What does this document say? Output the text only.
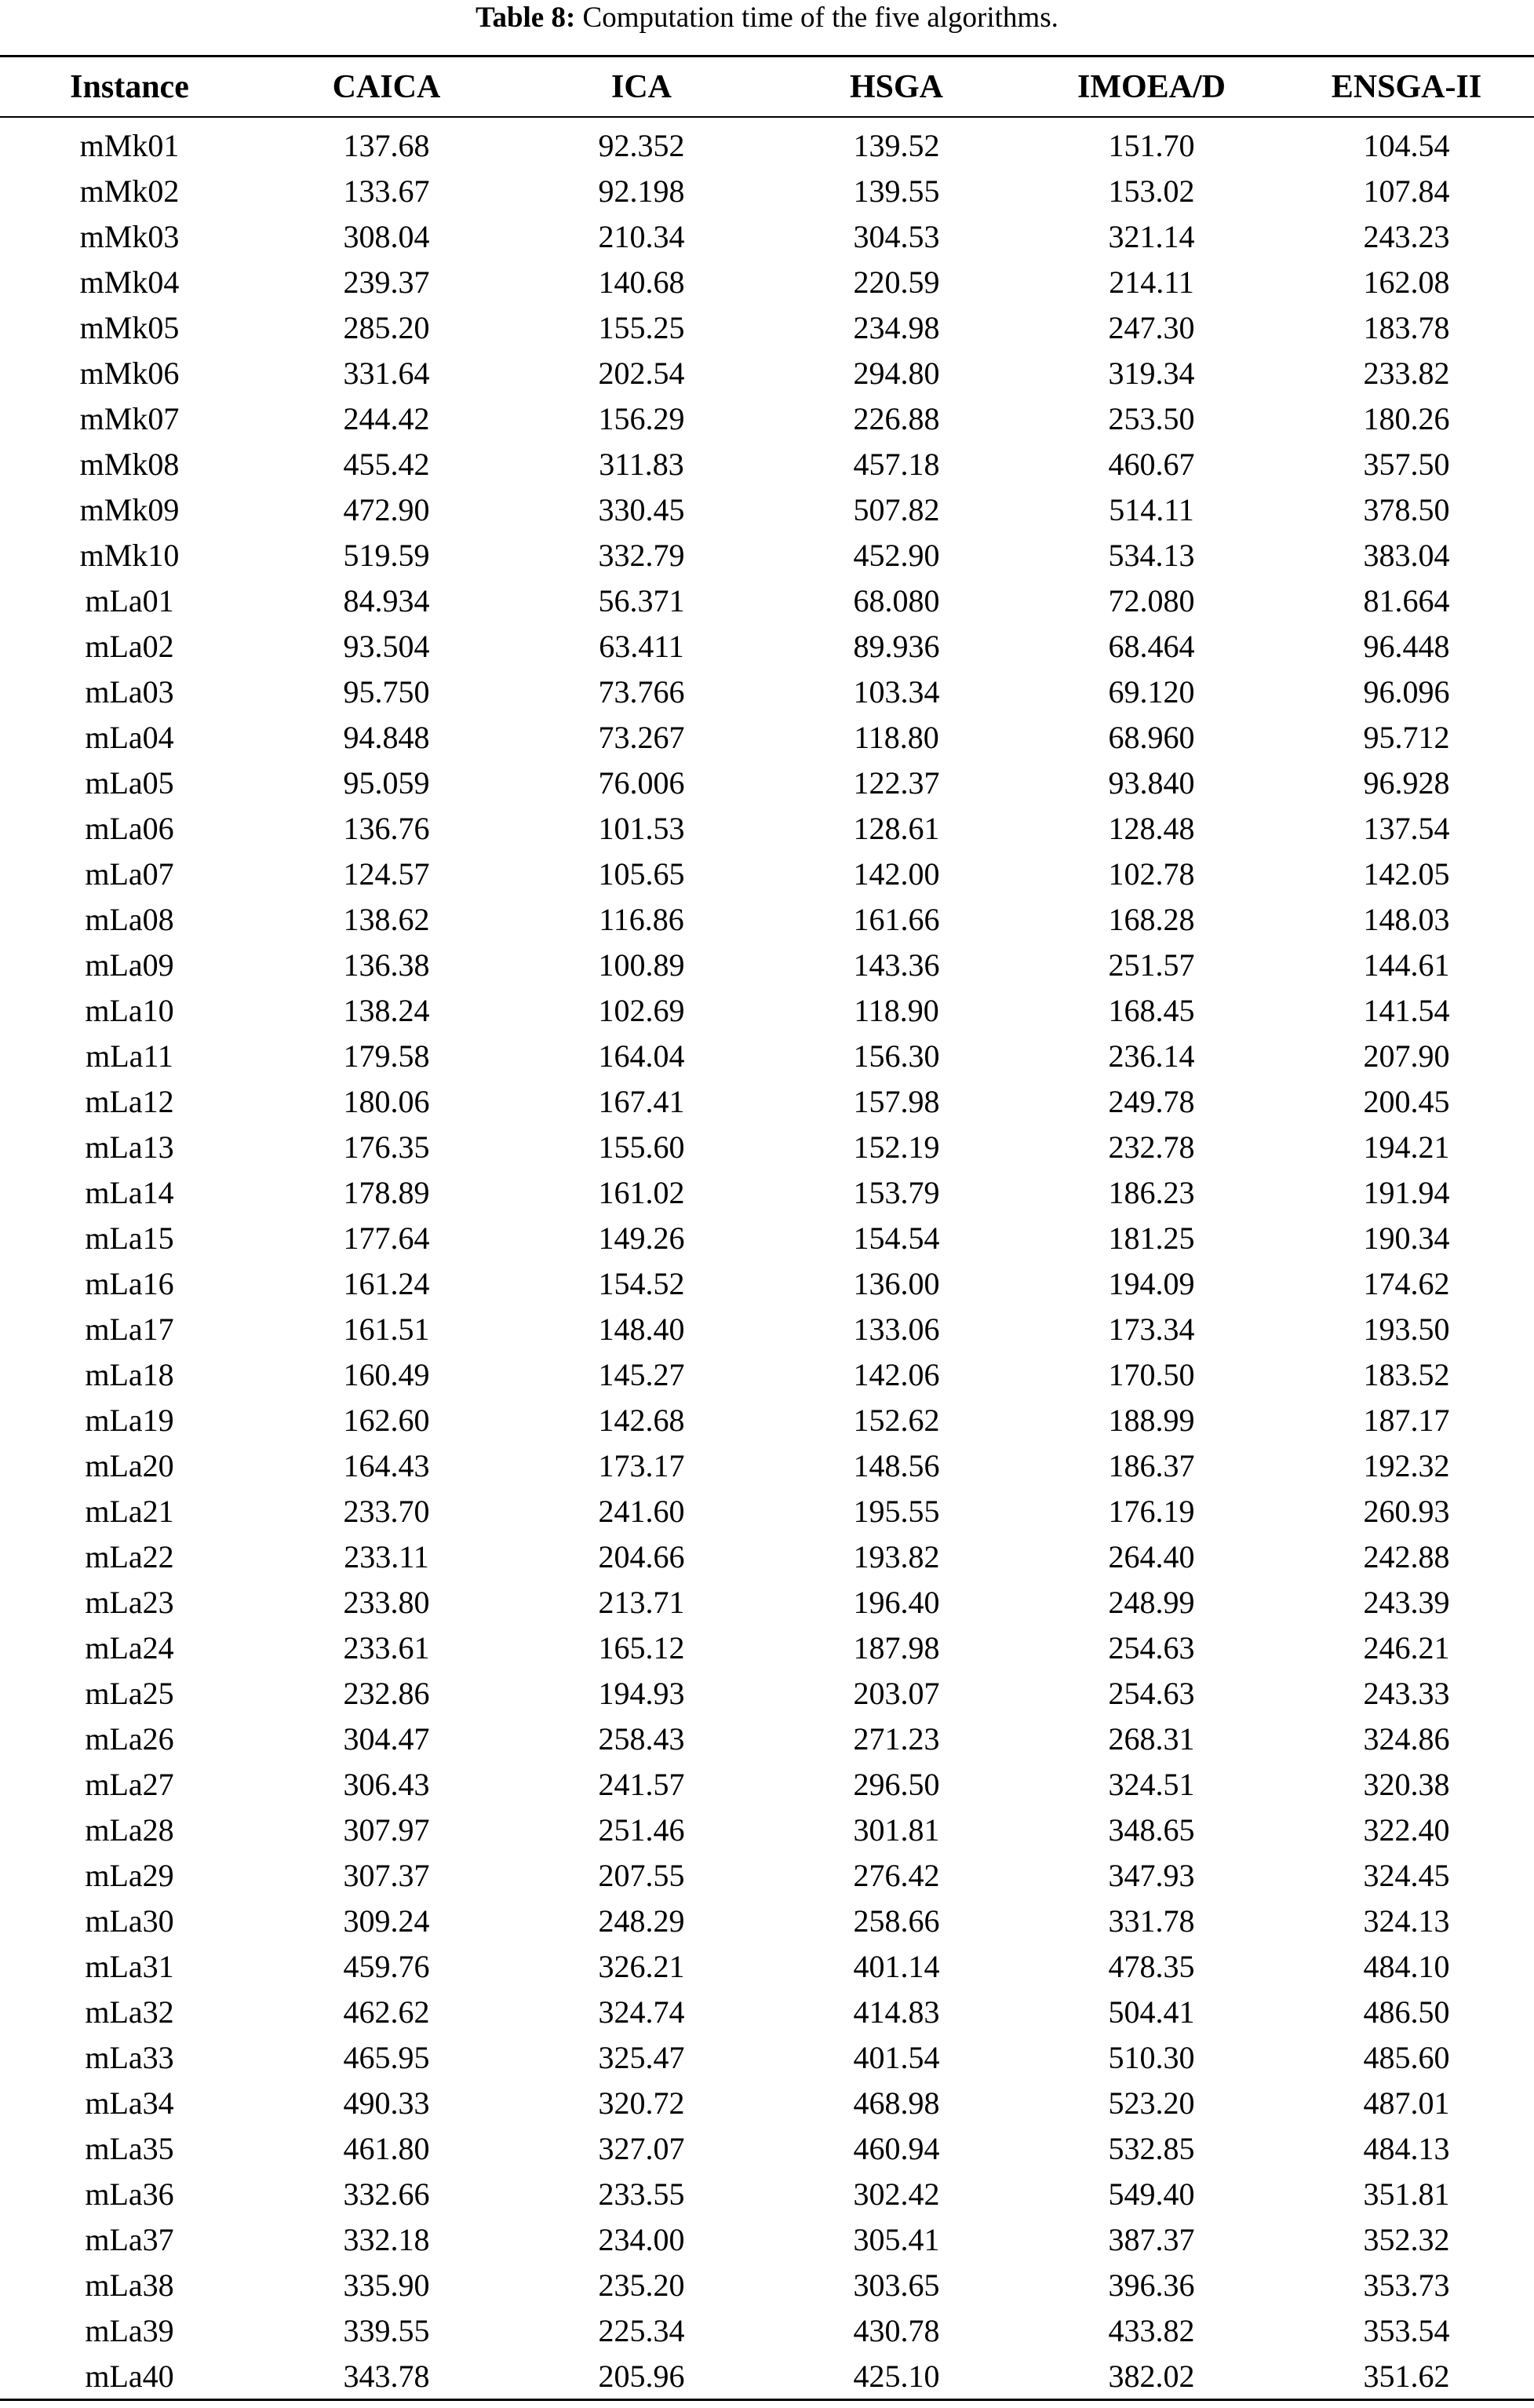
Table 8: Computation time of the five algorithms.
Instance	CAICA	ICA	HSGA	IMOEA/D	ENSGA-II
mMk01	137.68	92.352	139.52	151.70	104.54
mMk02	133.67	92.198	139.55	153.02	107.84
mMk03	308.04	210.34	304.53	321.14	243.23
mMk04	239.37	140.68	220.59	214.11	162.08
mMk05	285.20	155.25	234.98	247.30	183.78
mMk06	331.64	202.54	294.80	319.34	233.82
mMk07	244.42	156.29	226.88	253.50	180.26
mMk08	455.42	311.83	457.18	460.67	357.50
mMk09	472.90	330.45	507.82	514.11	378.50
mMk10	519.59	332.79	452.90	534.13	383.04
mLa01	84.934	56.371	68.080	72.080	81.664
mLa02	93.504	63.411	89.936	68.464	96.448
mLa03	95.750	73.766	103.34	69.120	96.096
mLa04	94.848	73.267	118.80	68.960	95.712
mLa05	95.059	76.006	122.37	93.840	96.928
mLa06	136.76	101.53	128.61	128.48	137.54
mLa07	124.57	105.65	142.00	102.78	142.05
mLa08	138.62	116.86	161.66	168.28	148.03
mLa09	136.38	100.89	143.36	251.57	144.61
mLa10	138.24	102.69	118.90	168.45	141.54
mLa11	179.58	164.04	156.30	236.14	207.90
mLa12	180.06	167.41	157.98	249.78	200.45
mLa13	176.35	155.60	152.19	232.78	194.21
mLa14	178.89	161.02	153.79	186.23	191.94
mLa15	177.64	149.26	154.54	181.25	190.34
mLa16	161.24	154.52	136.00	194.09	174.62
mLa17	161.51	148.40	133.06	173.34	193.50
mLa18	160.49	145.27	142.06	170.50	183.52
mLa19	162.60	142.68	152.62	188.99	187.17
mLa20	164.43	173.17	148.56	186.37	192.32
mLa21	233.70	241.60	195.55	176.19	260.93
mLa22	233.11	204.66	193.82	264.40	242.88
mLa23	233.80	213.71	196.40	248.99	243.39
mLa24	233.61	165.12	187.98	254.63	246.21
mLa25	232.86	194.93	203.07	254.63	243.33
mLa26	304.47	258.43	271.23	268.31	324.86
mLa27	306.43	241.57	296.50	324.51	320.38
mLa28	307.97	251.46	301.81	348.65	322.40
mLa29	307.37	207.55	276.42	347.93	324.45
mLa30	309.24	248.29	258.66	331.78	324.13
mLa31	459.76	326.21	401.14	478.35	484.10
mLa32	462.62	324.74	414.83	504.41	486.50
mLa33	465.95	325.47	401.54	510.30	485.60
mLa34	490.33	320.72	468.98	523.20	487.01
mLa35	461.80	327.07	460.94	532.85	484.13
mLa36	332.66	233.55	302.42	549.40	351.81
mLa37	332.18	234.00	305.41	387.37	352.32
mLa38	335.90	235.20	303.65	396.36	353.73
mLa39	339.55	225.34	430.78	433.82	353.54
mLa40	343.78	205.96	425.10	382.02	351.62
